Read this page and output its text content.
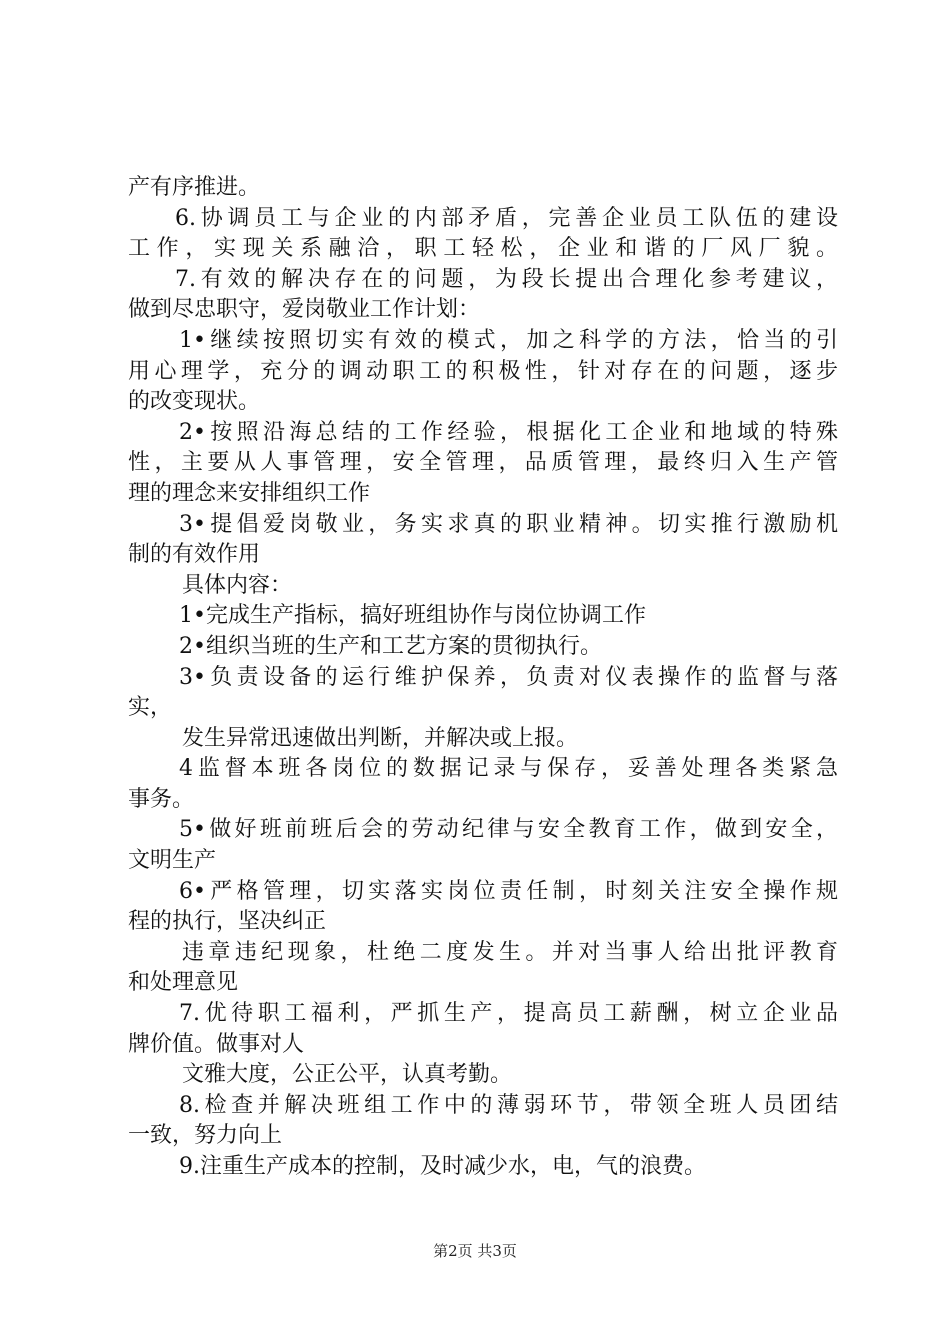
产有序推进。
6.协调员工与企业的内部矛盾，完善企业员工队伍的建设
工作，实现关系融洽，职工轻松，企业和谐的厂风厂貌。
7.有效的解决存在的问题，为段长提出合理化参考建议，
做到尽忠职守，爱岗敬业工作计划：
1•继续按照切实有效的模式，加之科学的方法，恰当的引
用心理学，充分的调动职工的积极性，针对存在的问题，逐步
的改变现状。
2•按照沿海总结的工作经验，根据化工企业和地域的特殊
性，主要从人事管理，安全管理，品质管理，最终归入生产管
理的理念来安排组织工作
3•提倡爱岗敬业，务实求真的职业精神。切实推行激励机
制的有效作用
具体内容：
1•完成生产指标，搞好班组协作与岗位协调工作
2•组织当班的生产和工艺方案的贯彻执行。
3•负责设备的运行维护保养，负责对仪表操作的监督与落
实，
发生异常迅速做出判断，并解决或上报。
4监督本班各岗位的数据记录与保存，妥善处理各类紧急
事务。
5•做好班前班后会的劳动纪律与安全教育工作，做到安全，
文明生产
6•严格管理，切实落实岗位责任制，时刻关注安全操作规
程的执行，坚决纠正
违章违纪现象，杜绝二度发生。并对当事人给出批评教育
和处理意见
7.优待职工福利，严抓生产，提高员工薪酬，树立企业品
牌价值。做事对人
文雅大度，公正公平，认真考勤。
8.检查并解决班组工作中的薄弱环节，带领全班人员团结
一致，努力向上
9.注重生产成本的控制，及时减少水，电，气的浪费。
第2页 共3页
